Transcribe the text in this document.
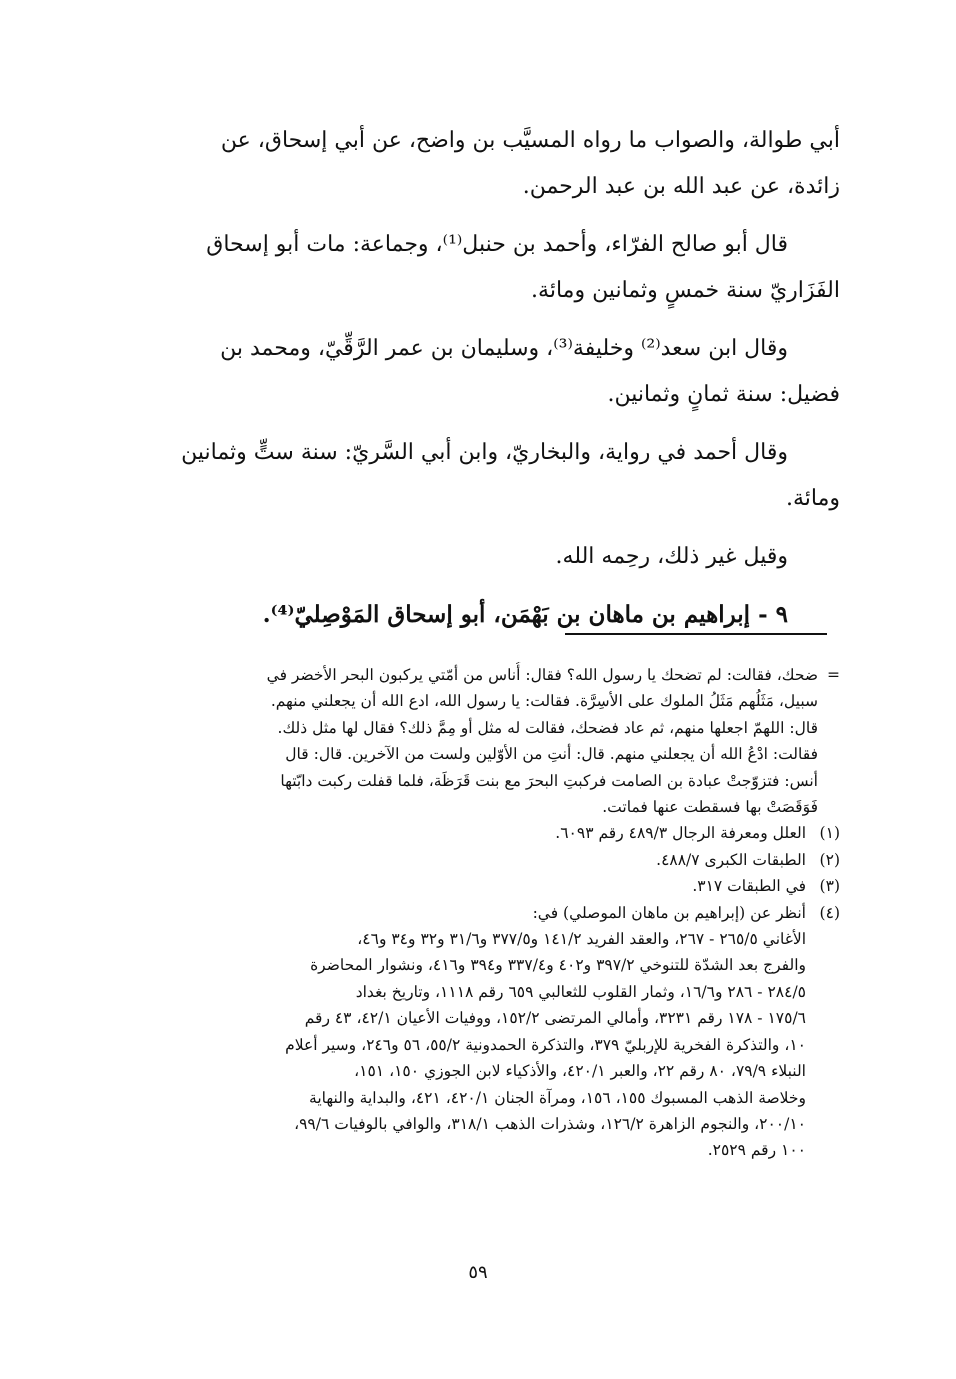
أبي طوالة، والصواب ما رواه المسيَّب بن واضح، عن أبي إسحاق، عن
زائدة، عن عبد الله بن عبد الرحمن.
قال أبو صالح الفرّاء، وأحمد بن حنبل⁽¹⁾، وجماعة: مات أبو إسحاق
الفَزَاريّ سنة خمسٍ وثمانين ومائة.
وقال ابن سعد⁽²⁾ وخليفة⁽³⁾، وسليمان بن عمر الرَّقِّيّ، ومحمد بن
فضيل: سنة ثمانٍ وثمانين.
وقال أحمد في رواية، والبخاريّ، وابن أبي السَّريّ: سنة ستٍّ وثمانين
ومائة.
وقيل غير ذلك، رحِمه الله.
٩ - إبراهيم بن ماهان بن بَهْمَن، أبو إسحاق المَوْصِليّ⁽⁴⁾.
=
ضحك، فقالت: لم تضحك يا رسول الله؟ فقال: أُناس من أمّتي يركبون البحر الأخضر في
سبيل، مَثَلُهم مَثَلُ الملوك على الأسِرَّة. فقالت: يا رسول الله، ادع الله أن يجعلني منهم.
قال: اللهمّ اجعلها منهم، ثم عاد فضحك، فقالت له مثل أو مِمَّ ذلك؟ فقال لها مثل ذلك.
فقالت: ادْعُ الله أن يجعلني منهم. قال: أنتِ من الأوّلين ولست من الآخرين. قال: قال
أنس: فتزوّجتْ عبادة بن الصامت فركبتِ البحرَ مع بنت قَرَظَة، فلما قفلت ركبت دابّتها
فَوَقَصَتْ بها فسقطت عنها فماتت.
(١)
العلل ومعرفة الرجال ٤٨٩/٣ رقم ٦٠٩٣.
(٢)
الطبقات الكبرى ٤٨٨/٧.
(٣)
في الطبقات ٣١٧.
(٤)
أنظر عن (إبراهيم بن ماهان الموصلي) في:
الأغاني ٢٦٥/٥ - ٢٦٧، والعقد الفريد ١٤١/٢ و٣٧٧/٥ و٣١/٦ و٣٢ و٣٤ و٤٦،
والفرج بعد الشدّة للتنوخي ٣٩٧/٢ و٤٠٢ و٣٣٧/٤ و٣٩٤ و٤١٦، ونشوار المحاضرة
٢٨٤/٥ - ٢٨٦ و١٦/٦، وثمار القلوب للثعالبي ٦٥٩ رقم ١١١٨، وتاريخ بغداد
١٧٥/٦ - ١٧٨ رقم ٣٢٣١، وأمالي المرتضى ١٥٢/٢، ووفيات الأعيان ٤٢/١، ٤٣ رقم
١٠، والتذكرة الفخرية للإربليّ ٣٧٩، والتذكرة الحمدونية ٥٥/٢، ٥٦ و٢٤٦، وسير أعلام
النبلاء ٧٩/٩، ٨٠ رقم ٢٢، والعبر ٤٢٠/١، والأذكياء لابن الجوزي ١٥٠، ١٥١،
وخلاصة الذهب المسبوك ١٥٥، ١٥٦، ومرآة الجنان ٤٢٠/١، ٤٢١، والبداية والنهاية
٢٠٠/١٠، والنجوم الزاهرة ١٢٦/٢، وشذرات الذهب ٣١٨/١، والوافي بالوفيات ٩٩/٦،
١٠٠ رقم ٢٥٢٩.
٥٩
